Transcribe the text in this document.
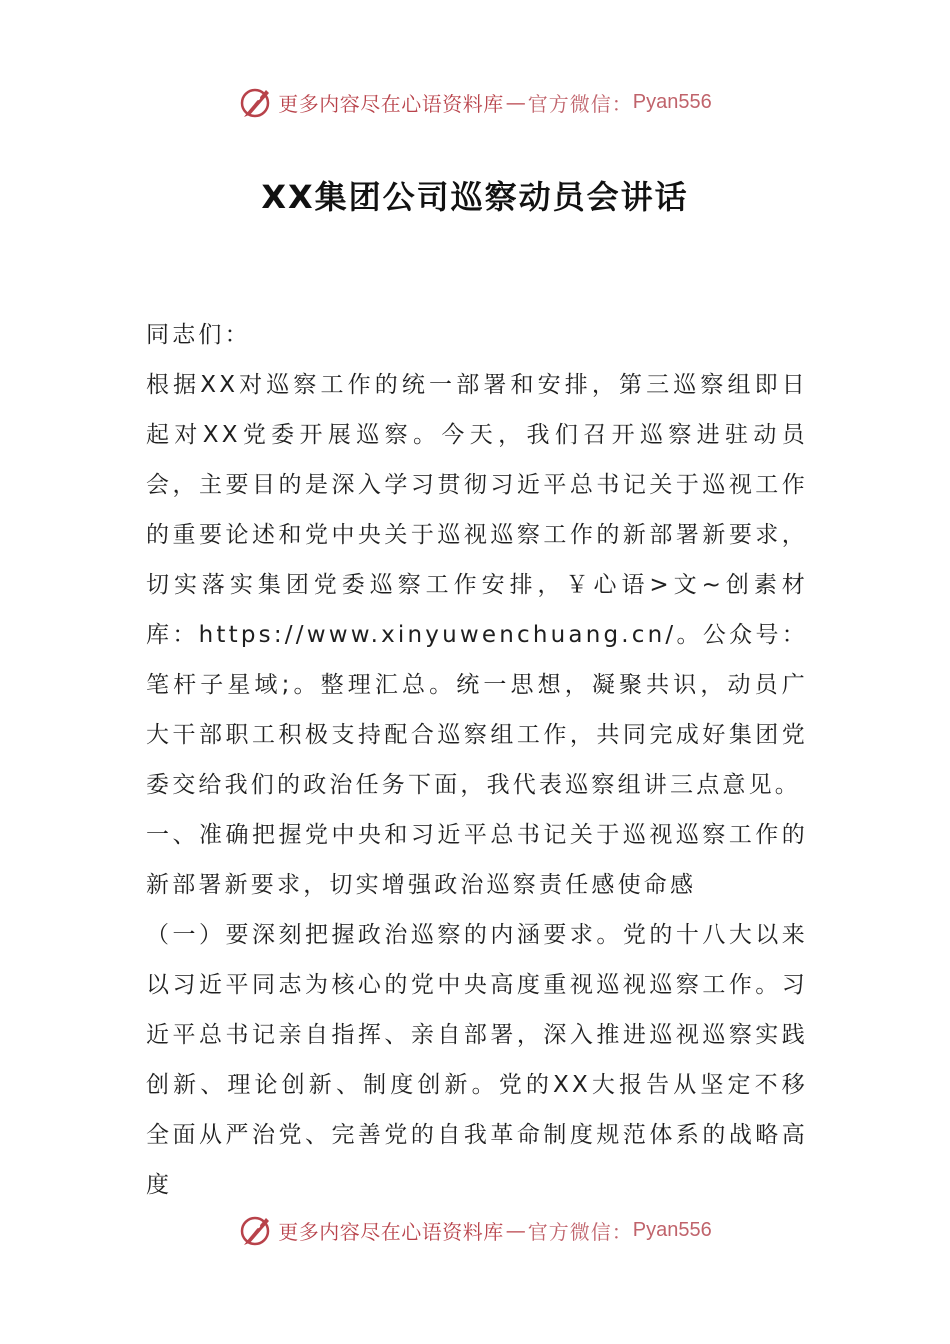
更多内容尽在心语资料库 — 官方微信： Pyan556
XX集团公司巡察动员会讲话

同志们：

根据XX对巡察工作的统一部署和安排，第三巡察组即日起对XX党委开展巡察。今天，我们召开巡察进驻动员会，主要目的是深入学习贯彻习近平总书记关于巡视工作的重要论述和党中央关于巡视巡察工作的新部署新要求，切实落实集团党委巡察工作安排，￥心语>文~创素材库：https://www.xinyuwenchuang.cn/。公众号：笔杆子星域;。整理汇总。统一思想，凝聚共识，动员广大干部职工积极支持配合巡察组工作，共同完成好集团党委交给我们的政治任务下面，我代表巡察组讲三点意见。

一、准确把握党中央和习近平总书记关于巡视巡察工作的新部署新要求，切实增强政治巡察责任感使命感

（一）要深刻把握政治巡察的内涵要求。党的十八大以来以习近平同志为核心的党中央高度重视巡视巡察工作。习近平总书记亲自指挥、亲自部署，深入推进巡视巡察实践创新、理论创新、制度创新。党的XX大报告从坚定不移全面从严治党、完善党的自我革命制度规范体系的战略高度

更多内容尽在心语资料库 — 官方微信： Pyan556
